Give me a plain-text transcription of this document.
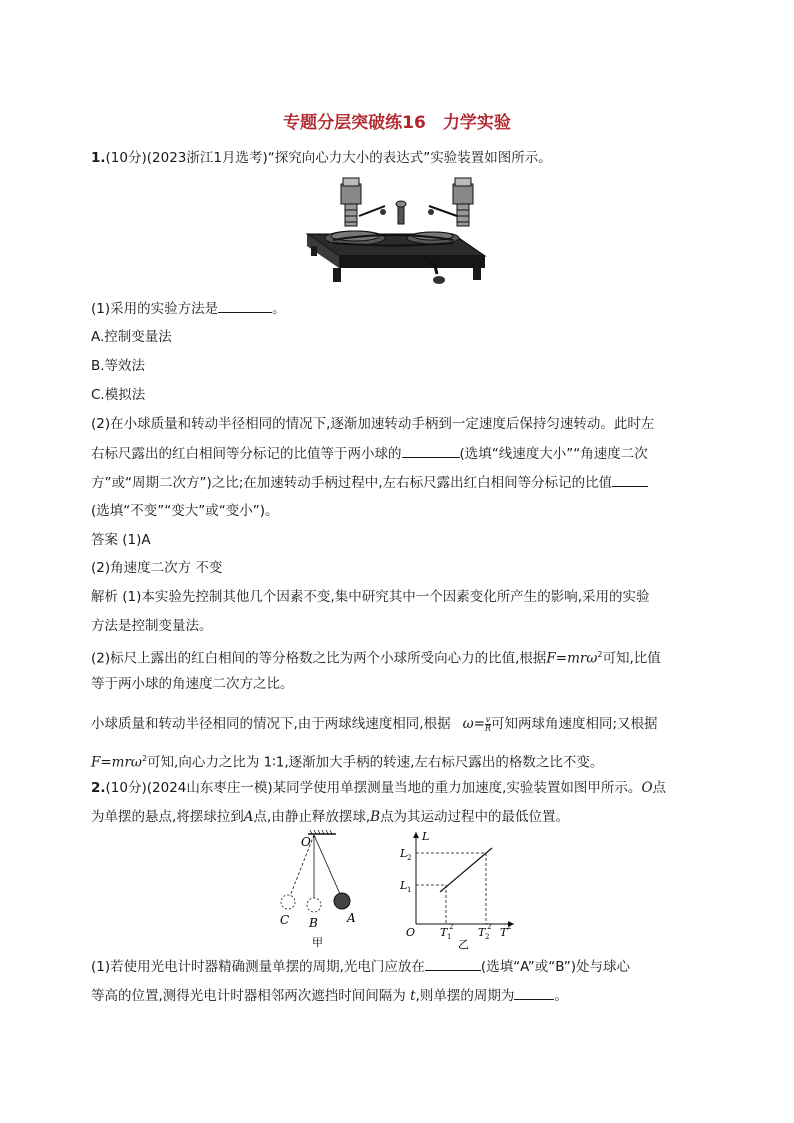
专题分层突破练16　力学实验
1.(10分)(2023浙江1月选考)“探究向心力大小的表达式”实验装置如图所示。
(1)采用的实验方法是	。
A.控制变量法
B.等效法
C.模拟法
(2)在小球质量和转动半径相同的情况下,逐渐加速转动手柄到一定速度后保持匀速转动。此时左
右标尺露出的红白相间等分标记的比值等于两小球的	(选填“线速度大小”“角速度二次
方”或“周期二次方”)之比;在加速转动手柄过程中,左右标尺露出红白相间等分标记的比值
(选填“不变”“变大”或“变小”)。
答案 (1)A
(2)角速度二次方 不变
解析 (1)本实验先控制其他几个因素不变,集中研究其中一个因素变化所产生的影响,采用的实验
方法是控制变量法。
(2)标尺上露出的红白相间的等分格数之比为两个小球所受向心力的比值,根据F=mrω$^2$可知,比值
等于两小球的角速度二次方之比。
小球质量和转动半径相同的情况下,由于两球线速度相同,根据 $\omega= \frac{v}{R}$ 可知两球角速度相同;又根据
F=mrω$^2$可知,向心力之比为 1∶1,逐渐加大手柄的转速,左右标尺露出的格数之比不变。
2.(10分)(2024山东枣庄一模)某同学使用单摆测量当地的重力加速度,实验装置如图甲所示。O点
为单摆的悬点,将摆球拉到A点,由静止释放摆球,B点为其运动过程中的最低位置。
O
C B A
甲
L
O
L 2
L 1
T 1
2 T 2
2 T 2
乙
(1)若使用光电计时器精确测量单摆的周期,光电门应放在	(选填“A”或“B”)处与球心
等高的位置,测得光电计时器相邻两次遮挡时间间隔为 t,则单摆的周期为	。
